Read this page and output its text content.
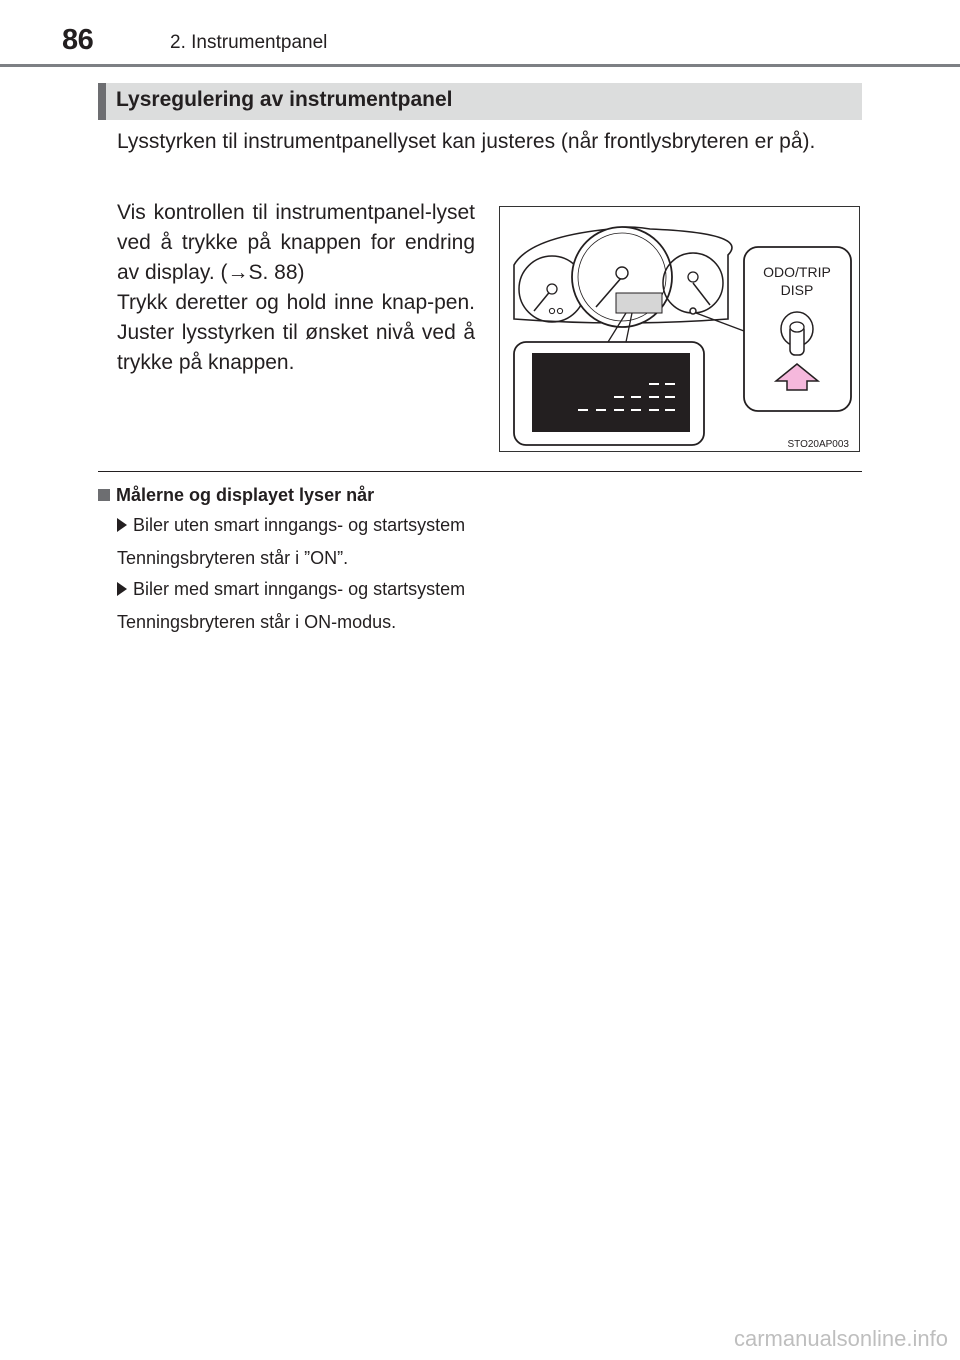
86	2. Instrumentpanel
Lysregulering av instrumentpanel
Lysstyrken til instrumentpanellyset kan justeres (når frontlysbryteren er på).
Vis kontrollen til instrumentpanel-lyset ved å trykke på knappen for endring av display. (→S. 88)
Trykk deretter og hold inne knap-pen. Juster lysstyrken til ønsket nivå ved å trykke på knappen.
ODO/TRIP
DISP
STO20AP003
Målerne og displayet lyser når
Biler uten smart inngangs- og startsystem
Tenningsbryteren står i ”ON”.
Biler med smart inngangs- og startsystem
Tenningsbryteren står i ON-modus.
carmanualsonline.info
